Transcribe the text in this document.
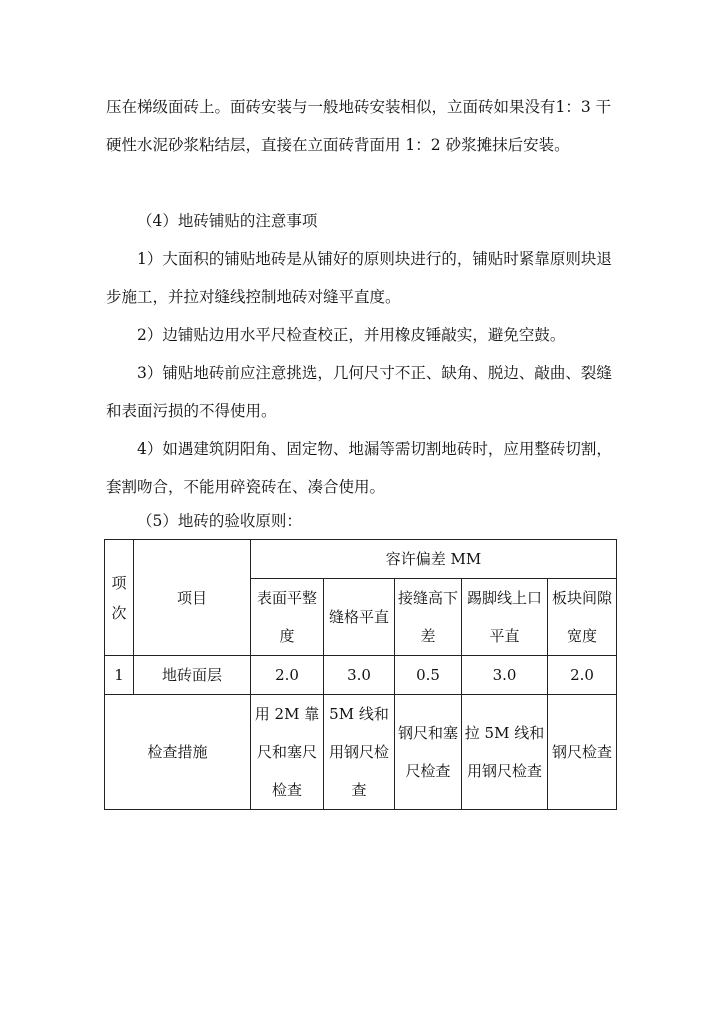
压在梯级面砖上。面砖安装与一般地砖安装相似，立面砖如果没有1：3 干硬性水泥砂浆粘结层，直接在立面砖背面用 1：2 砂浆摊抹后安装。

（4）地砖铺贴的注意事项

1）大面积的铺贴地砖是从铺好的原则块进行的，铺贴时紧靠原则块退步施工，并拉对缝线控制地砖对缝平直度。

2）边铺贴边用水平尺检查校正，并用橡皮锤敲实，避免空鼓。

3）铺贴地砖前应注意挑选，几何尺寸不正、缺角、脱边、敲曲、裂缝和表面污损的不得使用。

4）如遇建筑阴阳角、固定物、地漏等需切割地砖时，应用整砖切割，套割吻合，不能用碎瓷砖在、凑合使用。

（5）地砖的验收原则：

项次	项目	容许偏差 MM				
		表面平整度	缝格平直	接缝高下差	踢脚线上口平直	板块间隙宽度

1	地砖面层	2.0	3.0	0.5	3.0	2.0
检查措施		用 2M 靠尺和塞尺检查	5M 线和用钢尺检查	钢尺和塞尺检查	拉 5M 线和用钢尺检查	钢尺检查
